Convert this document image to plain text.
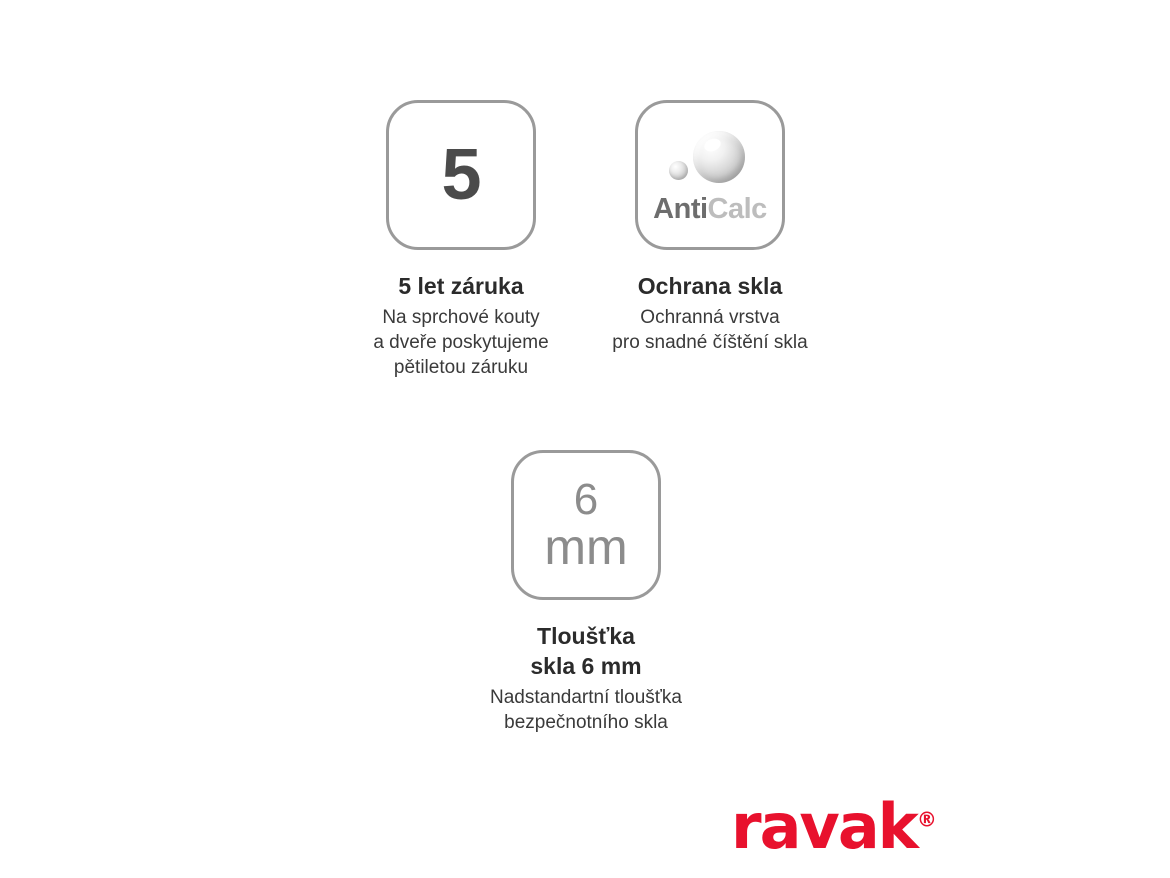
5
5 let záruka
Na sprchové kouty
a dveře poskytujeme
pětiletou záruku
AntiCalc
Ochrana skla
Ochranná vrstva
pro snadné číštění skla
6
mm
Tloušťka
skla 6 mm
Nadstandartní tloušťka
bezpečnotního skla
ravak®
